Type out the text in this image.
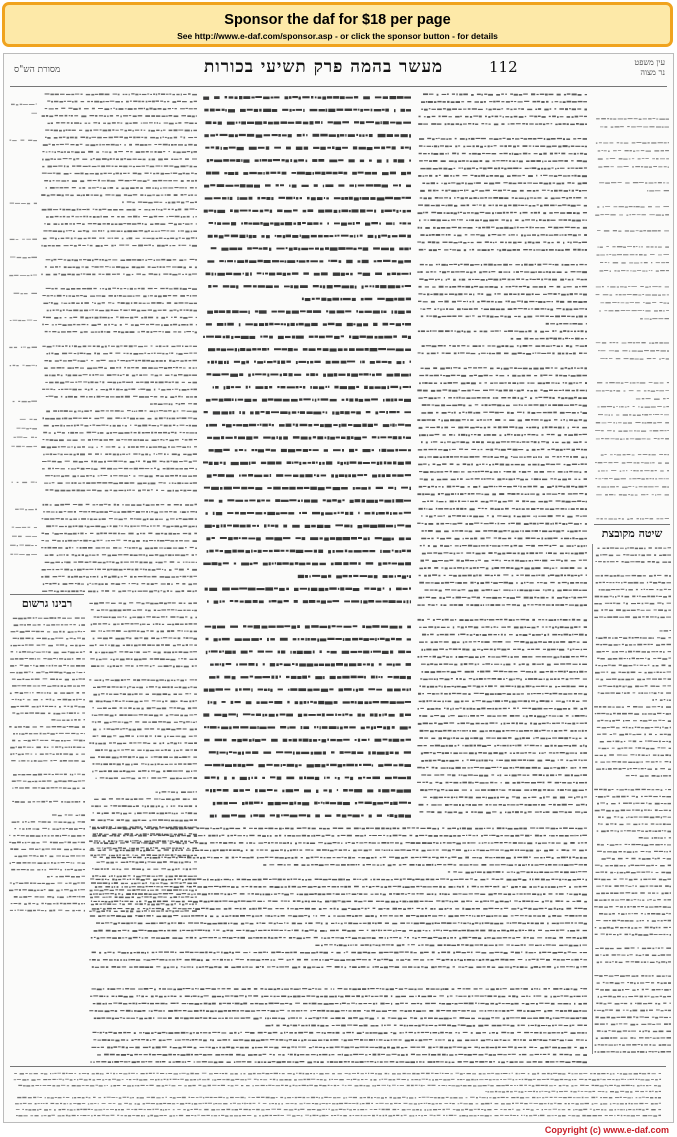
Sponsor the daf for $18 per page
See http://www.e-daf.com/sponsor.asp - or click the sponsor button - for details
מסורת הש"ס	מעשר בהמה פרק תשיעי בכורות	112	עין משפט
נר מצוה
רבינו גרשום
שיטה מקובצת
Copyright (c) www.e-daf.com
